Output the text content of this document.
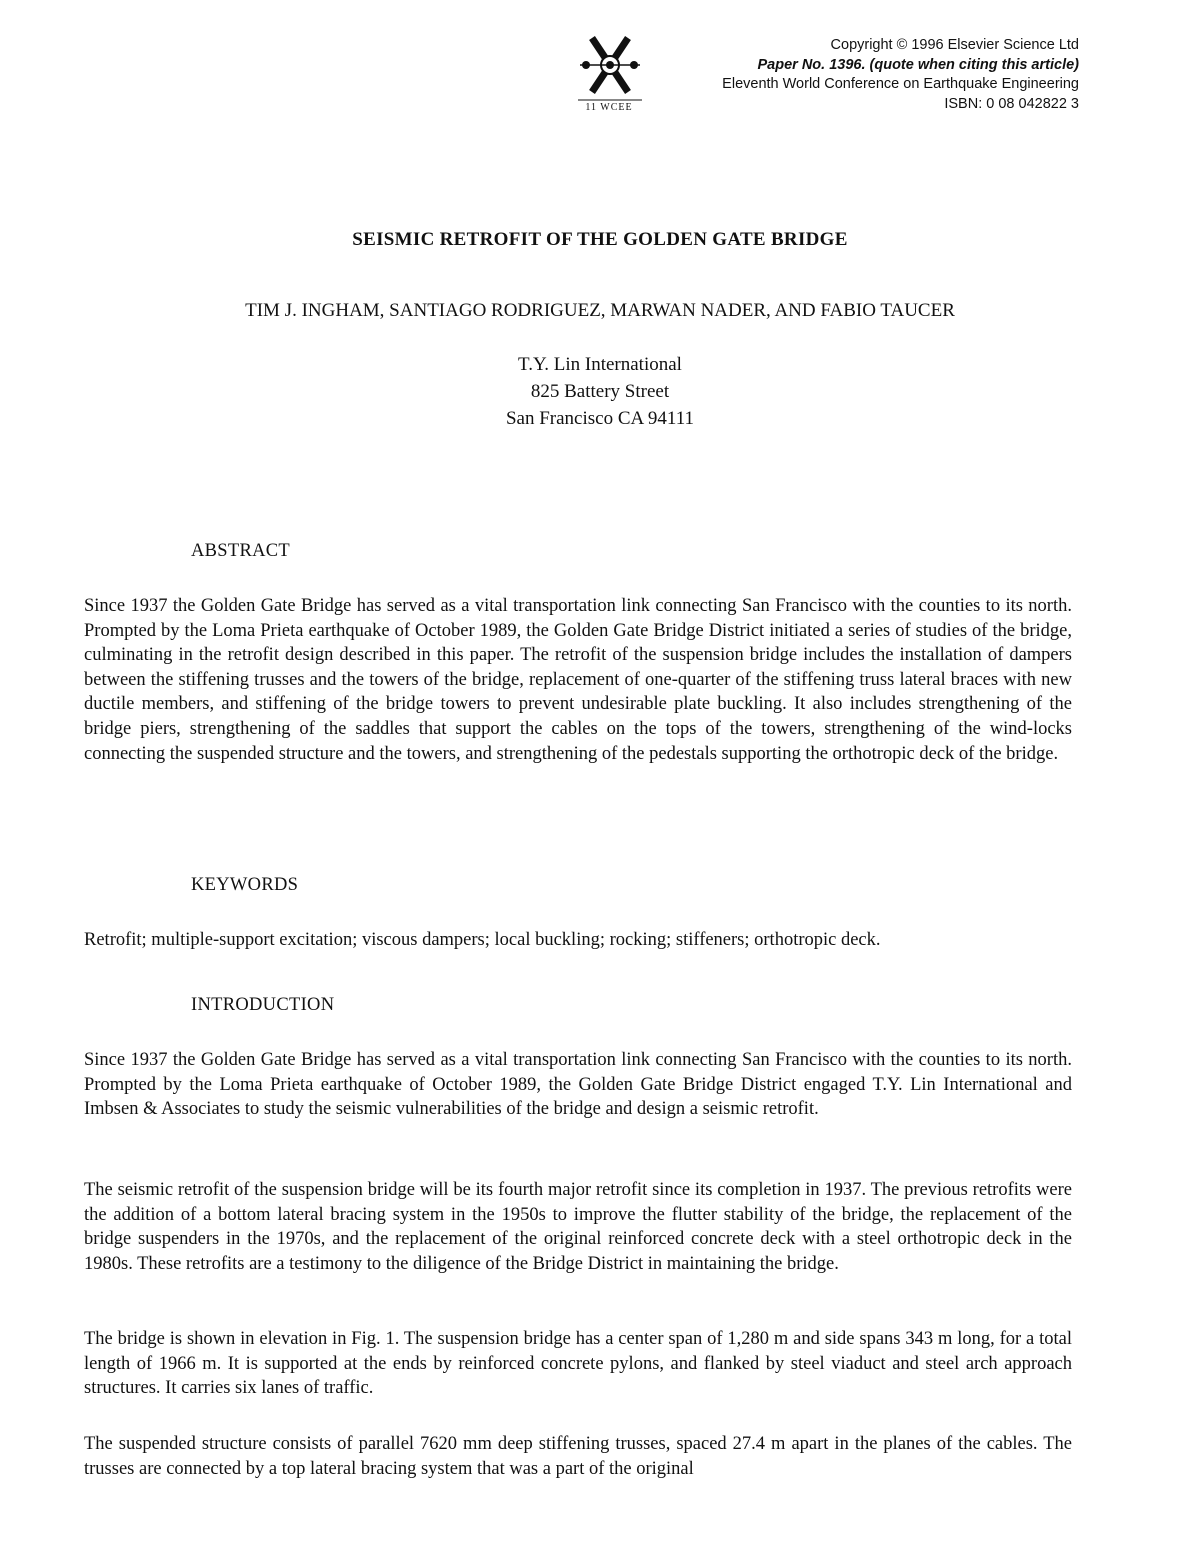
11 WCEE
Copyright © 1996 Elsevier Science Ltd
Paper No. 1396. (quote when citing this article)
Eleventh World Conference on Earthquake Engineering
ISBN: 0 08 042822 3
SEISMIC RETROFIT OF THE GOLDEN GATE BRIDGE
TIM J. INGHAM, SANTIAGO RODRIGUEZ, MARWAN NADER, AND FABIO TAUCER
T.Y. Lin International
825 Battery Street
San Francisco CA 94111
ABSTRACT

Since 1937 the Golden Gate Bridge has served as a vital transportation link connecting San Francisco with the counties to its north. Prompted by the Loma Prieta earthquake of October 1989, the Golden Gate Bridge District initiated a series of studies of the bridge, culminating in the retrofit design described in this paper. The retrofit of the suspension bridge includes the installation of dampers between the stiffening trusses and the towers of the bridge, replacement of one-quarter of the stiffening truss lateral braces with new ductile members, and stiffening of the bridge towers to prevent undesirable plate buckling. It also includes strengthening of the bridge piers, strengthening of the saddles that support the cables on the tops of the towers, strengthening of the wind-locks connecting the suspended structure and the towers, and strengthening of the pedestals supporting the orthotropic deck of the bridge.

KEYWORDS

Retrofit; multiple-support excitation; viscous dampers; local buckling; rocking; stiffeners; orthotropic deck.

INTRODUCTION

Since 1937 the Golden Gate Bridge has served as a vital transportation link connecting San Francisco with the counties to its north. Prompted by the Loma Prieta earthquake of October 1989, the Golden Gate Bridge District engaged T.Y. Lin International and Imbsen & Associates to study the seismic vulnerabilities of the bridge and design a seismic retrofit.

The seismic retrofit of the suspension bridge will be its fourth major retrofit since its completion in 1937. The previous retrofits were the addition of a bottom lateral bracing system in the 1950s to improve the flutter stability of the bridge, the replacement of the bridge suspenders in the 1970s, and the replacement of the original reinforced concrete deck with a steel orthotropic deck in the 1980s. These retrofits are a testimony to the diligence of the Bridge District in maintaining the bridge.

The bridge is shown in elevation in Fig. 1. The suspension bridge has a center span of 1,280 m and side spans 343 m long, for a total length of 1966 m. It is supported at the ends by reinforced concrete pylons, and flanked by steel viaduct and steel arch approach structures. It carries six lanes of traffic.

The suspended structure consists of parallel 7620 mm deep stiffening trusses, spaced 27.4 m apart in the planes of the cables. The trusses are connected by a top lateral bracing system that was a part of the original
